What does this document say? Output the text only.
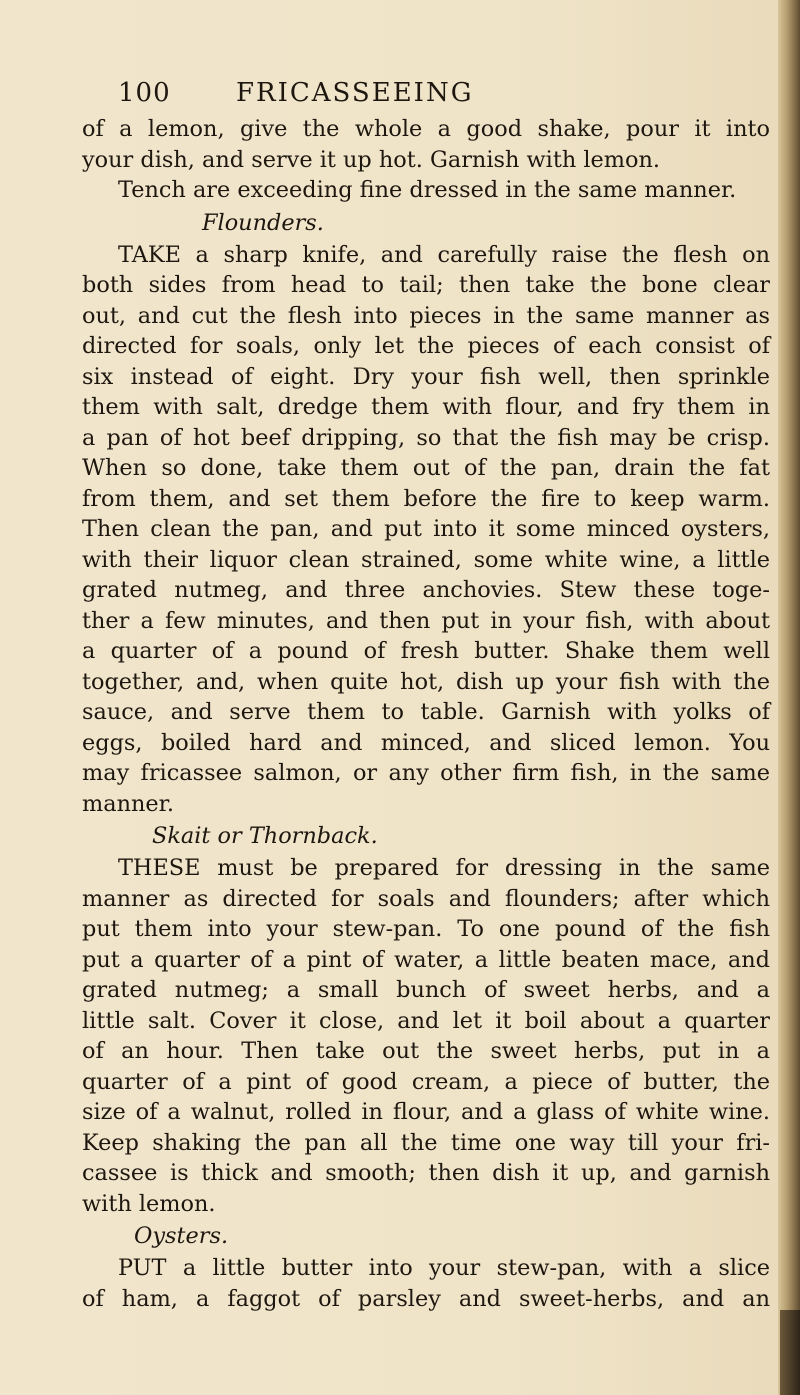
100	FRICASSEEING
of a lemon, give the whole a good shake, pour it into
your dish, and serve it up hot. Garnish with lemon.
Tench are exceeding fine dressed in the same manner.
Flounders.
TAKE a sharp knife, and carefully raise the flesh on
both sides from head to tail; then take the bone clear
out, and cut the flesh into pieces in the same manner as
directed for soals, only let the pieces of each consist of
six instead of eight. Dry your fish well, then sprinkle
them with salt, dredge them with flour, and fry them in
a pan of hot beef dripping, so that the fish may be crisp.
When so done, take them out of the pan, drain the fat
from them, and set them before the fire to keep warm.
Then clean the pan, and put into it some minced oysters,
with their liquor clean strained, some white wine, a little
grated nutmeg, and three anchovies. Stew these toge-
ther a few minutes, and then put in your fish, with about
a quarter of a pound of fresh butter. Shake them well
together, and, when quite hot, dish up your fish with the
sauce, and serve them to table. Garnish with yolks of
eggs, boiled hard and minced, and sliced lemon. You
may fricassee salmon, or any other firm fish, in the same
manner.
Skait or Thornback.
THESE must be prepared for dressing in the same
manner as directed for soals and flounders; after which
put them into your stew-pan. To one pound of the fish
put a quarter of a pint of water, a little beaten mace, and
grated nutmeg; a small bunch of sweet herbs, and a
little salt. Cover it close, and let it boil about a quarter
of an hour. Then take out the sweet herbs, put in a
quarter of a pint of good cream, a piece of butter, the
size of a walnut, rolled in flour, and a glass of white wine.
Keep shaking the pan all the time one way till your fri-
cassee is thick and smooth; then dish it up, and garnish
with lemon.
Oysters.
PUT a little butter into your stew-pan, with a slice
of ham, a faggot of parsley and sweet-herbs, and an
